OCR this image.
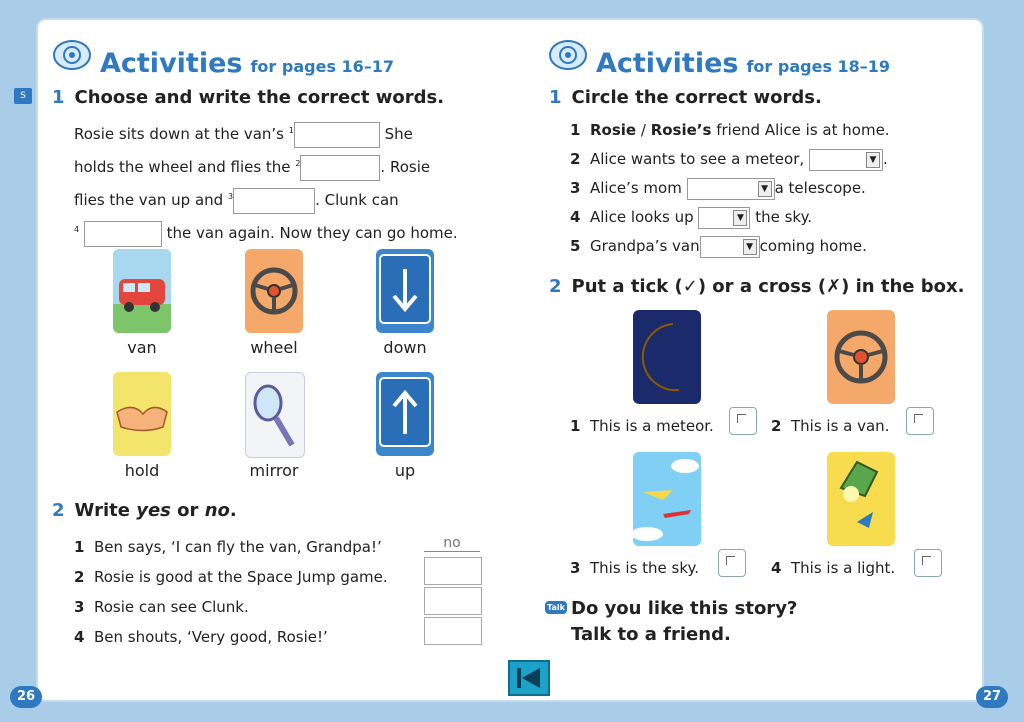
S
Activities for pages 16–17
1 Choose and write the correct words.
Rosie sits down at the van’s $^1$	She
holds the wheel and flies the $^2$	. Rosie
flies the van up and $^3$	. Clunk can
$^4$	the van again. Now they can go home.
van	wheel	down
hold	mirror	up
2 Write yes or no.
1 Ben says, ‘I can fly the van, Grandpa!’
2 Rosie is good at the Space Jump game.
3 Rosie can see Clunk.
4 Ben shouts, ‘Very good, Rosie!’
no
26
Activities for pages 18–19
1 Circle the correct words.
1 Rosie / Rosie’s friend Alice is at home.
2 Alice wants to see a meteor,	▼ .
3 Alice’s mom	▼ a telescope.
4 Alice looks up	▼ the sky.
5 Grandpa’s van	▼ coming home.
2 Put a tick (✓) or a cross (✗) in the box.
1 This is a meteor.	2 This is a van.
3 This is the sky.	4 This is a light.
Talk Do you like this story?
Talk to a friend.
27
